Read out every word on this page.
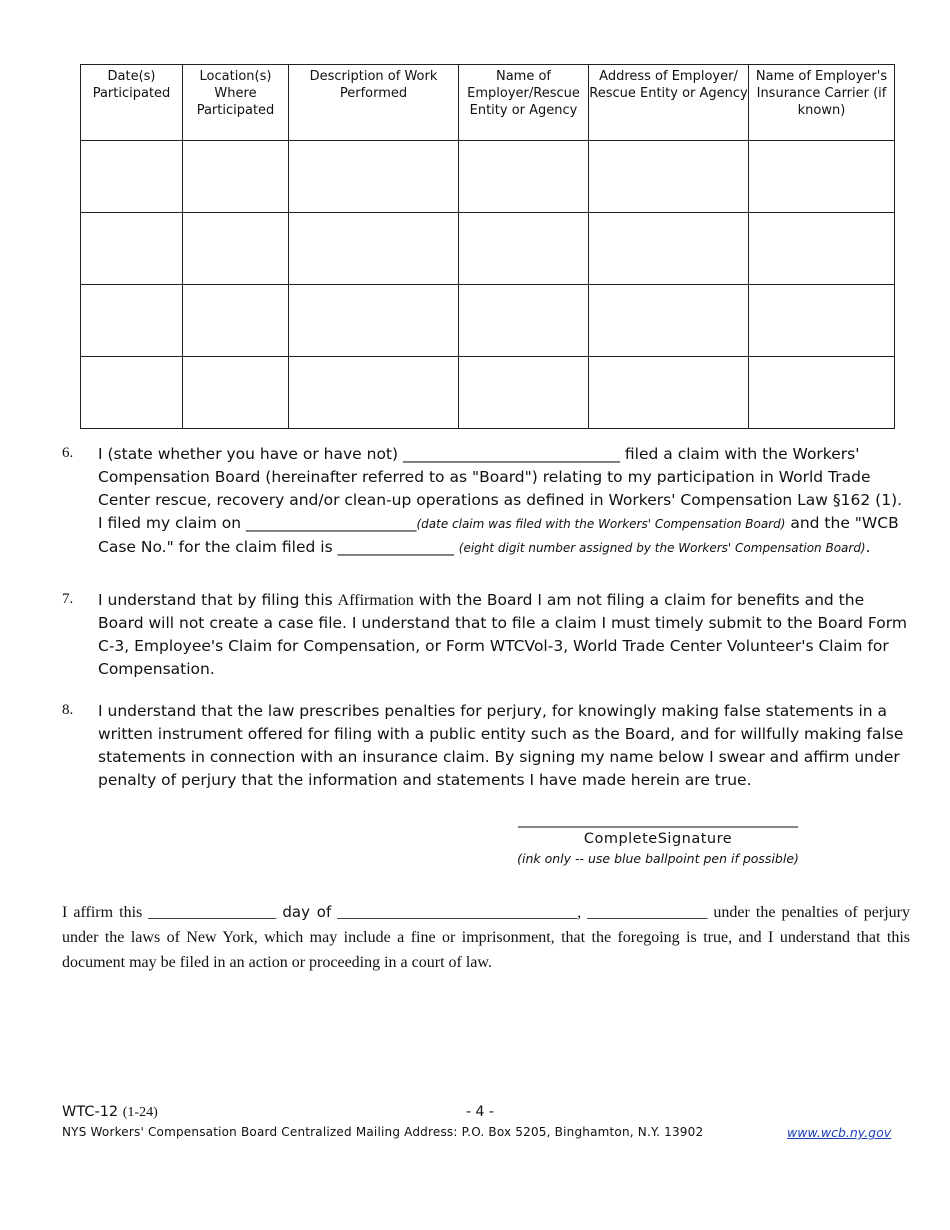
Date(s) Participated	Location(s) Where Participated	Description of Work Performed	Name of Employer/Rescue Entity or Agency	Address of Employer/ Rescue Entity or Agency	Name of Employer's Insurance Carrier (if known)

6. I (state whether you have or have not) ____________________________ filed a claim with the Workers' Compensation Board (hereinafter referred to as "Board") relating to my participation in World Trade Center rescue, recovery and/or clean-up operations as defined in Workers' Compensation Law §162 (1). I filed my claim on ______________________(date claim was filed with the Workers' Compensation Board) and the "WCB Case No." for the claim filed is _______________ (eight digit number assigned by the Workers' Compensation Board).
7. I understand that by filing this Affirmation with the Board I am not filing a claim for benefits and the Board will not create a case file. I understand that to file a claim I must timely submit to the Board Form C-3, Employee's Claim for Compensation, or Form WTCVol-3, World Trade Center Volunteer's Claim for Compensation.
8. I understand that the law prescribes penalties for perjury, for knowingly making false statements in a written instrument offered for filing with a public entity such as the Board, and for willfully making false statements in connection with an insurance claim. By signing my name below I swear and affirm under penalty of perjury that the information and statements I have made herein are true.
________________________________________
CompleteSignature
(ink only -- use blue ballpoint pen if possible)
I affirm this ________________ day of ______________________________, _______________ under the penalties of perjury under the laws of New York, which may include a fine or imprisonment, that the foregoing is true, and I understand that this document may be filed in an action or proceeding in a court of law.
WTC-12 (1-24)	- 4 -
NYS Workers' Compensation Board Centralized Mailing Address: P.O. Box 5205, Binghamton, N.Y. 13902	www.wcb.ny.gov
